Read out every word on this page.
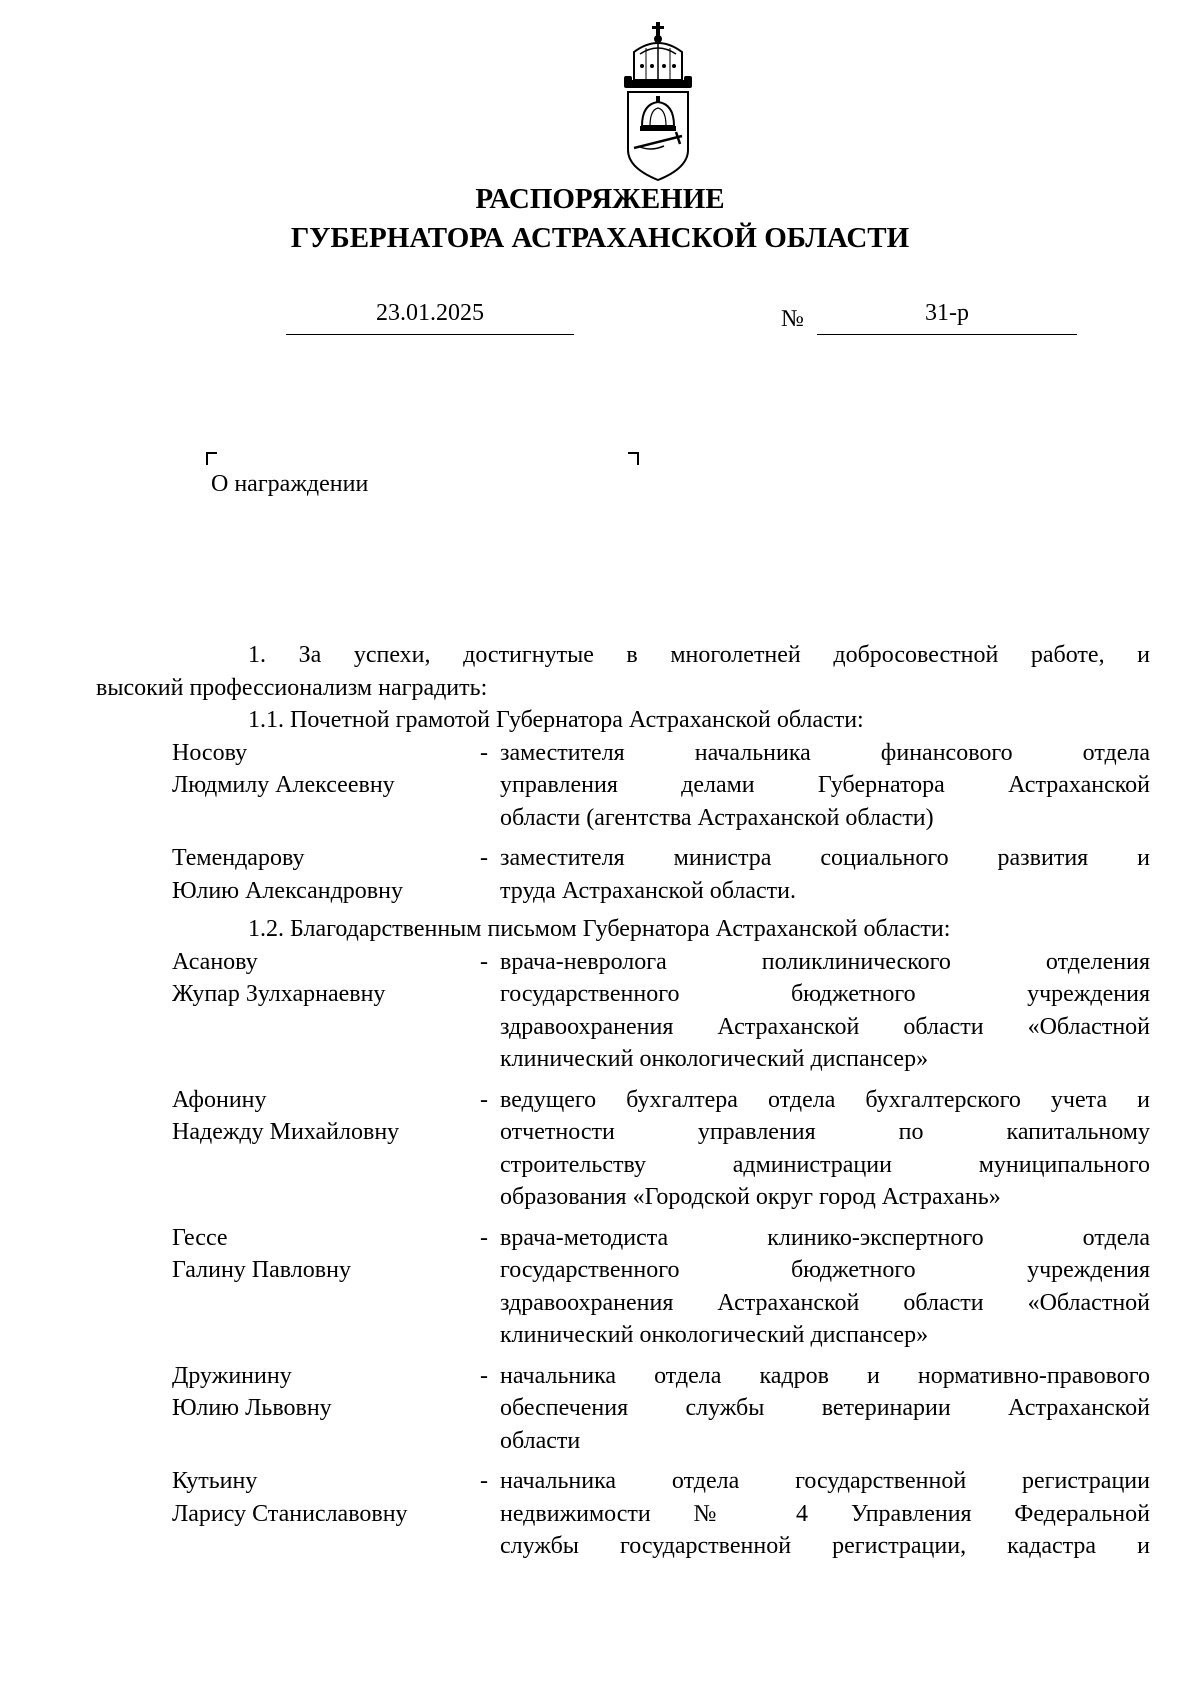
РАСПОРЯЖЕНИЕ
ГУБЕРНАТОРА АСТРАХАНСКОЙ ОБЛАСТИ
23.01.2025	№	31-р
О награждении

1. За успехи, достигнутые в многолетней добросовестной работе, и
высокий профессионализм наградить:

1.1. Почетной грамотой Губернатора Астраханской области:

Носову
Людмилу Алексеевну
- заместителя начальника финансового отдела
управления делами Губернатора Астраханской
области (агентства Астраханской области)
Темендарову
Юлию Александровну
- заместителя министра социального развития и
труда Астраханской области.

1.2. Благодарственным письмом Губернатора Астраханской области:

Асанову
Жупар Зулхарнаевну
- врача-невролога поликлинического отделения
государственного бюджетного учреждения
здравоохранения Астраханской области «Областной
клинический онкологический диспансер»
Афонину
Надежду Михайловну
- ведущего бухгалтера отдела бухгалтерского учета и
отчетности управления по капитальному
строительству администрации муниципального
образования «Городской округ город Астрахань»
Гессе
Галину Павловну
- врача-методиста клинико-экспертного отдела
государственного бюджетного учреждения
здравоохранения Астраханской области «Областной
клинический онкологический диспансер»
Дружинину
Юлию Львовну
- начальника отдела кадров и нормативно-правового
обеспечения службы ветеринарии Астраханской
области
Кутьину
Ларису Станиславовну
- начальника отдела государственной регистрации
недвижимости № 4 Управления Федеральной
службы государственной регистрации, кадастра и
